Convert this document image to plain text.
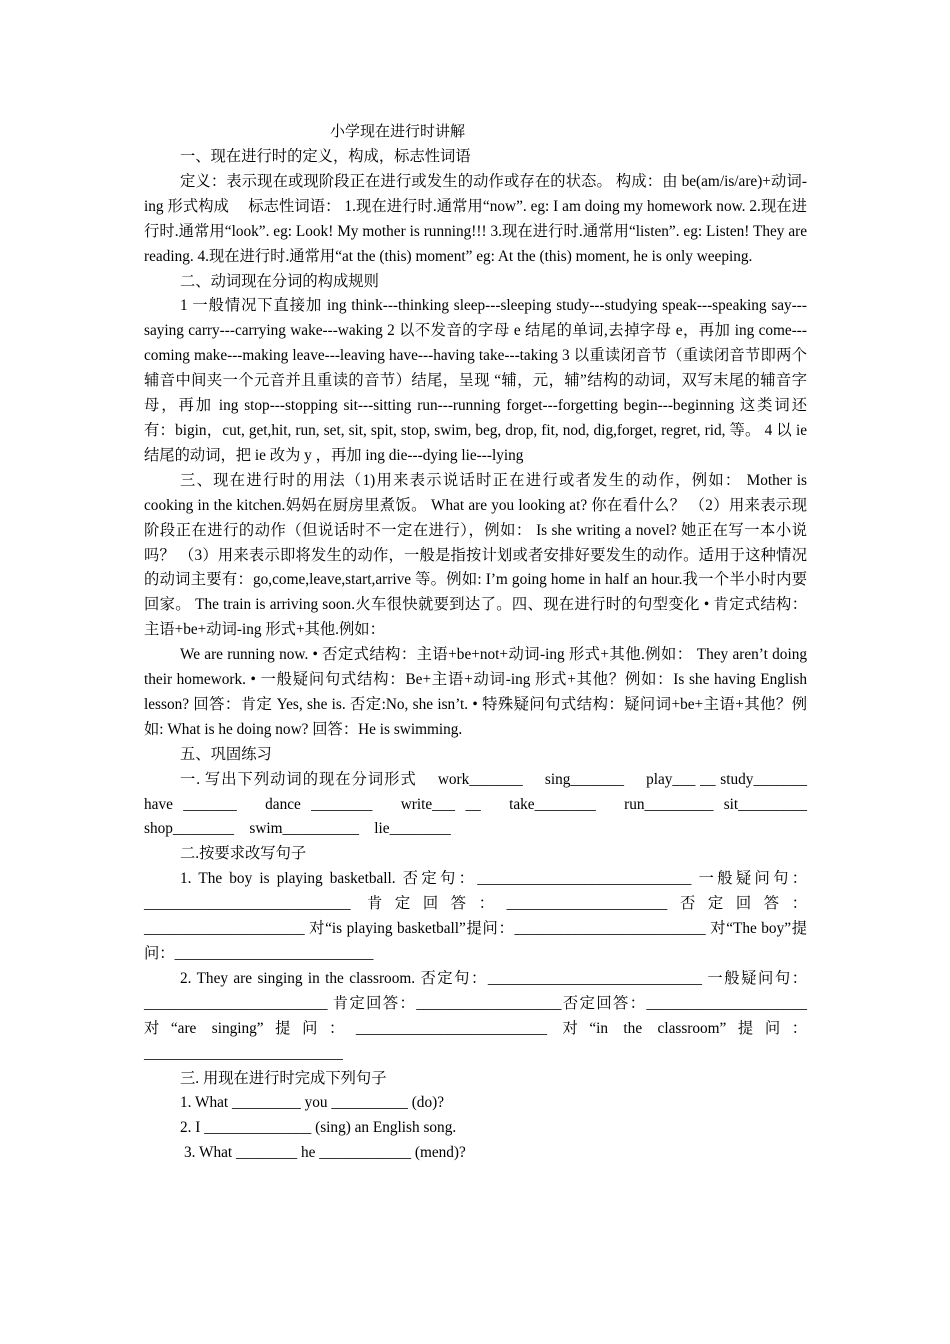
小学现在进行时讲解

一、现在进行时的定义，构成，标志性词语

定义：表示现在或现阶段正在进行或发生的动作或存在的状态。 构成：由 be(am/is/are)+动词-ing 形式构成　 标志性词语： 1.现在进行时.通常用“now”. eg: I am doing my homework now. 2.现在进行时.通常用“look”. eg: Look! My mother is running!!! 3.现在进行时.通常用“listen”. eg: Listen! They are reading. 4.现在进行时.通常用“at the (this) moment” eg: At the (this) moment, he is only weeping.

二、动词现在分词的构成规则

1 一般情况下直接加 ing think---thinking sleep---sleeping study---studying speak---speaking say---saying carry---carrying wake---waking 2 以不发音的字母 e 结尾的单词,去掉字母 e，再加 ing come---coming make---making leave---leaving have---having take---taking 3 以重读闭音节（重读闭音节即两个辅音中间夹一个元音并且重读的音节）结尾，呈现 “辅，元，辅”结构的动词，双写末尾的辅音字母，再加 ing stop---stopping sit---sitting run---running forget---forgetting begin---beginning 这类词还有：bigin，cut, get,hit, run, set, sit, spit, stop, swim, beg, drop, fit, nod, dig,forget, regret, rid, 等。 4 以 ie 结尾的动词，把 ie 改为 y ，再加 ing die---dying lie---lying

三、现在进行时的用法（1)用来表示说话时正在进行或者发生的动作，例如： Mother is cooking in the kitchen.妈妈在厨房里煮饭。 What are you looking at? 你在看什么？ （2）用来表示现阶段正在进行的动作（但说话时不一定在进行），例如： Is she writing a novel? 她正在写一本小说吗？ （3）用来表示即将发生的动作，一般是指按计划或者安排好要发生的动作。适用于这种情况的动词主要有：go,come,leave,start,arrive 等。例如: I’m going home in half an hour.我一个半小时内要回家。 The train is arriving soon.火车很快就要到达了。四、现在进行时的句型变化 • 肯定式结构：主语+be+动词-ing 形式+其他.例如：

We are running now. • 否定式结构：主语+be+not+动词-ing 形式+其他.例如： They aren’t doing their homework. • 一般疑问句式结构：Be+主语+动词-ing 形式+其他？例如：Is she having English lesson? 回答：肯定 Yes, she is. 否定:No, she isn’t. • 特殊疑问句式结构：疑问词+be+主语+其他？例如: What is he doing now? 回答：He is swimming.

五、巩固练习

一. 写出下列动词的现在分词形式　 work_______　 sing_______　 play___ __ study_______　have _______　dance ________　write___ __　take________　run_________ sit_________　shop________　swim__________　lie________

二.按要求改写句子

1. The boy is playing basketball. 否定句：____________________________ 一般疑问句：___________________________ 肯定回答：_____________________否定回答：_____________________ 对“is playing basketball”提问：_________________________ 对“The boy”提问：__________________________

2. They are singing in the classroom. 否定句：____________________________ 一般疑问句：________________________ 肯定回答：___________________否定回答：_____________________ 对“are singing”提问：_________________________ 对“in the classroom”提问：__________________________

三. 用现在进行时完成下列句子

1. What _________ you __________ (do)?

2. I ______________ (sing) an English song.

3. What ________ he ____________ (mend)?
